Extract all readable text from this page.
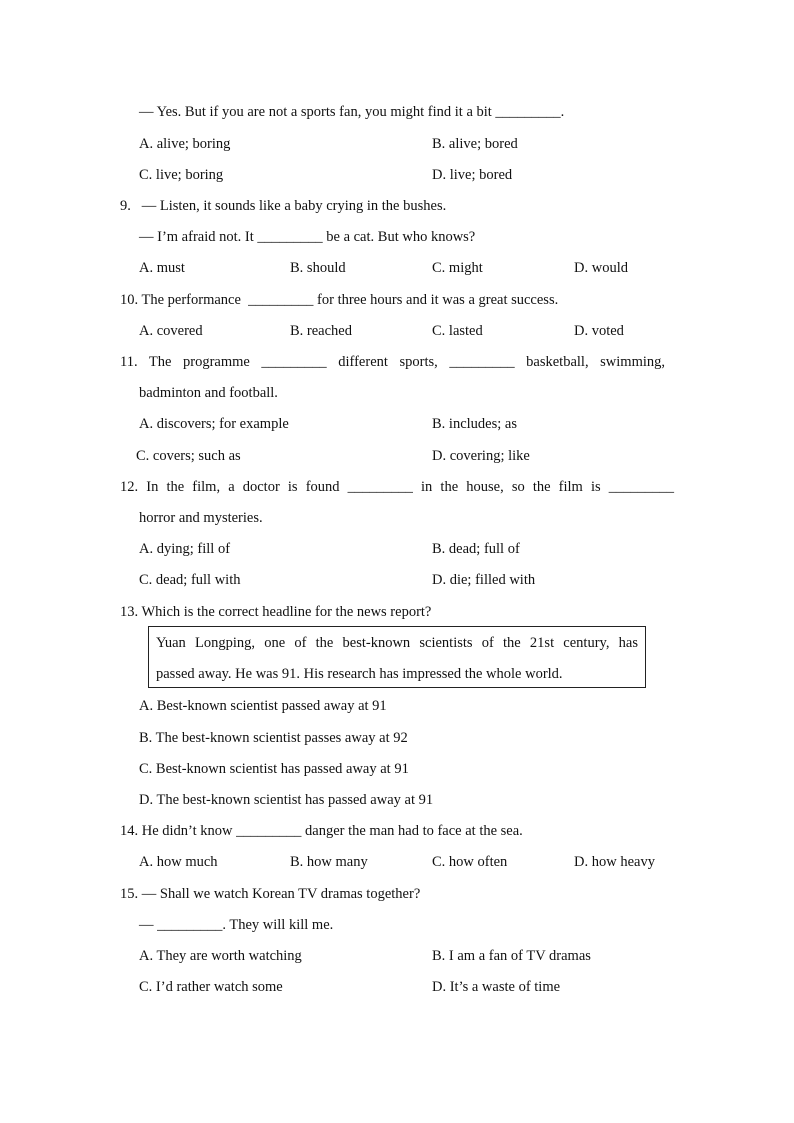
— Yes. But if you are not a sports fan, you might find it a bit _________.
A. alive; boring	B. alive; bored
C. live; boring	D. live; bored
9.   — Listen, it sounds like a baby crying in the bushes.
— I’m afraid not. It _________ be a cat. But who knows?
A. must	B. should	C. might	D. would
10. The performance  _________ for three hours and it was a great success.
A. covered	B. reached	C. lasted	D. voted
11. The programme _________ different sports, _________ basketball, swimming,
badminton and football.
A. discovers; for example	B. includes; as
C. covers; such as	D. covering; like
12. In the film, a doctor is found _________ in the house, so the film is _________
horror and mysteries.
A. dying; fill of	B. dead; full of
C. dead; full with	D. die; filled with
13. Which is the correct headline for the news report?
Yuan Longping, one of the best-known scientists of the 21st century, has
passed away. He was 91. His research has impressed the whole world.
A. Best-known scientist passed away at 91
B. The best-known scientist passes away at 92
C. Best-known scientist has passed away at 91
D. The best-known scientist has passed away at 91
14. He didn’t know _________ danger the man had to face at the sea.
A. how much	B. how many	C. how often	D. how heavy
15. — Shall we watch Korean TV dramas together?
— _________. They will kill me.
A. They are worth watching	B. I am a fan of TV dramas
C. I’d rather watch some	D. It’s a waste of time
